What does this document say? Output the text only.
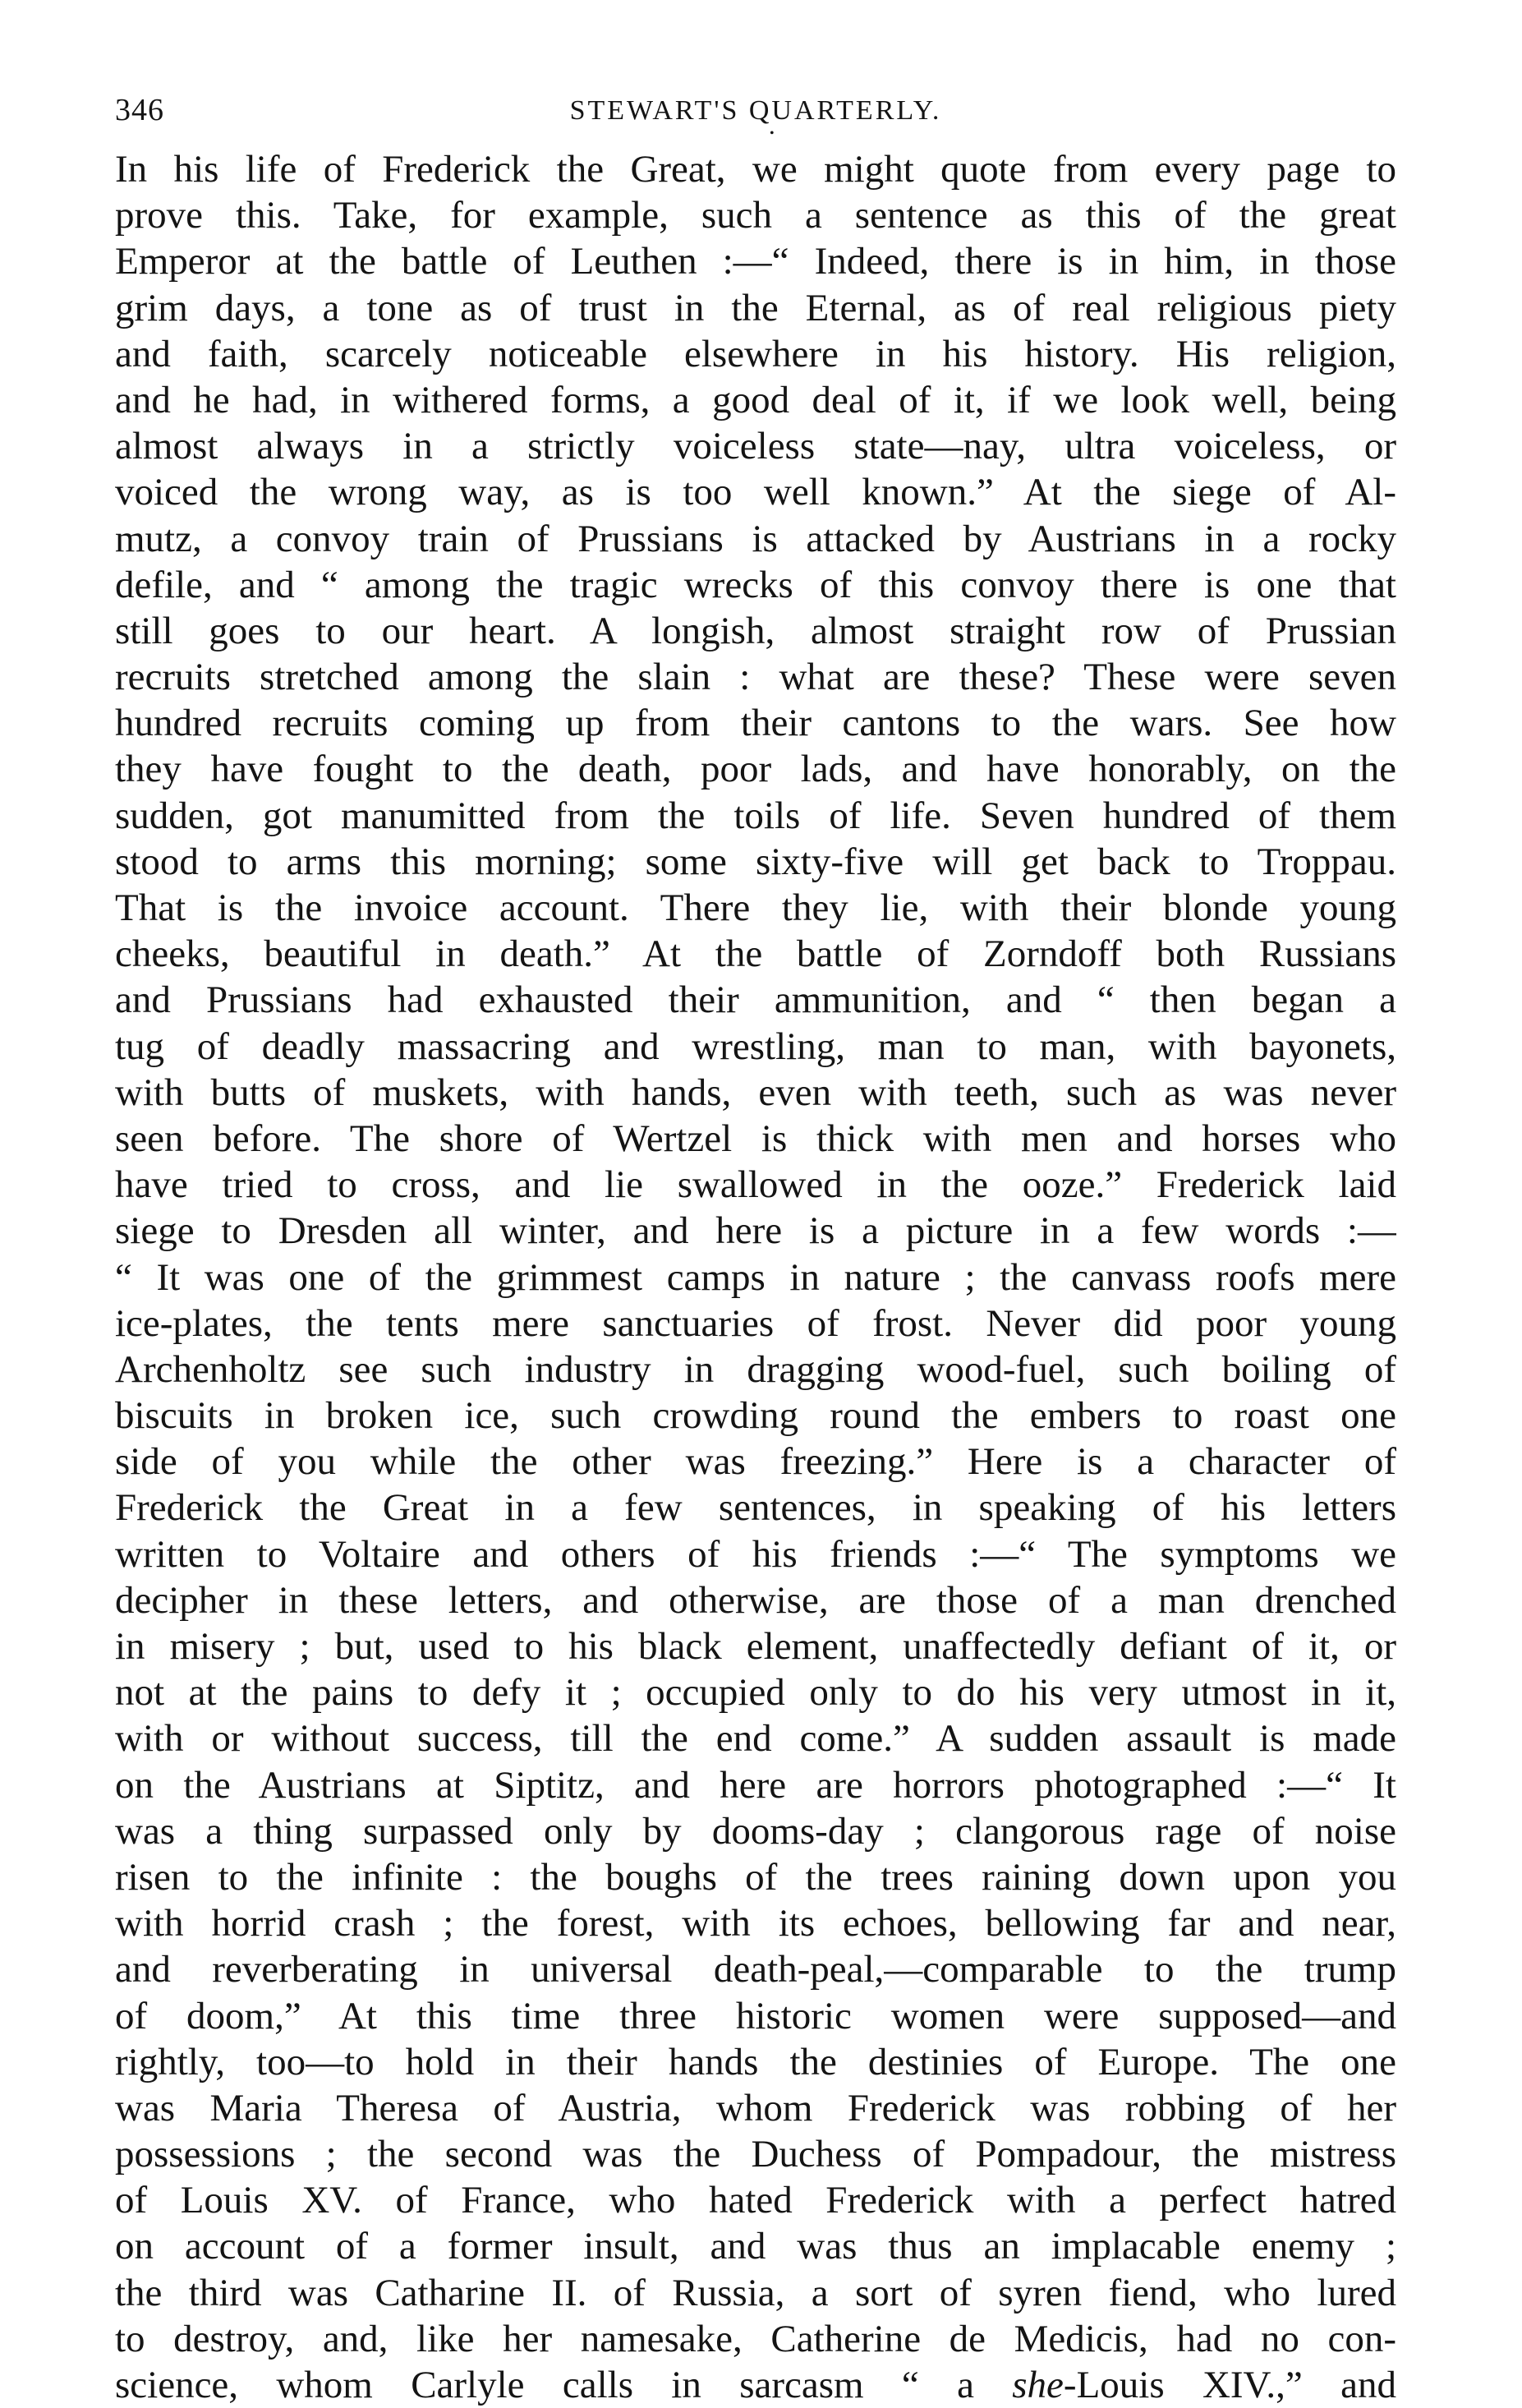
346	STEWART'S QUARTERLY.
•
In his life of Frederick the Great, we might quote from every page to
prove this. Take, for example, such a sentence as this of the great
Emperor at the battle of Leuthen :—“ Indeed, there is in him, in those
grim days, a tone as of trust in the Eternal, as of real religious piety
and faith, scarcely noticeable elsewhere in his history. His religion,
and he had, in withered forms, a good deal of it, if we look well, being
almost always in a strictly voiceless state—nay, ultra voiceless, or
voiced the wrong way, as is too well known.” At the siege of Al-
mutz, a convoy train of Prussians is attacked by Austrians in a rocky
defile, and “ among the tragic wrecks of this convoy there is one that
still goes to our heart. A longish, almost straight row of Prussian
recruits stretched among the slain : what are these? These were seven
hundred recruits coming up from their cantons to the wars. See how
they have fought to the death, poor lads, and have honorably, on the
sudden, got manumitted from the toils of life. Seven hundred of them
stood to arms this morning; some sixty-five will get back to Troppau.
That is the invoice account. There they lie, with their blonde young
cheeks, beautiful in death.” At the battle of Zorndoff both Russians
and Prussians had exhausted their ammunition, and “ then began a
tug of deadly massacring and wrestling, man to man, with bayonets,
with butts of muskets, with hands, even with teeth, such as was never
seen before. The shore of Wertzel is thick with men and horses who
have tried to cross, and lie swallowed in the ooze.” Frederick laid
siege to Dresden all winter, and here is a picture in a few words :—
“ It was one of the grimmest camps in nature ; the canvass roofs mere
ice-plates, the tents mere sanctuaries of frost. Never did poor young
Archenholtz see such industry in dragging wood-fuel, such boiling of
biscuits in broken ice, such crowding round the embers to roast one
side of you while the other was freezing.” Here is a character of
Frederick the Great in a few sentences, in speaking of his letters
written to Voltaire and others of his friends :—“ The symptoms we
decipher in these letters, and otherwise, are those of a man drenched
in misery ; but, used to his black element, unaffectedly defiant of it, or
not at the pains to defy it ; occupied only to do his very utmost in it,
with or without success, till the end come.” A sudden assault is made
on the Austrians at Siptitz, and here are horrors photographed :—“ It
was a thing surpassed only by dooms-day ; clangorous rage of noise
risen to the infinite : the boughs of the trees raining down upon you
with horrid crash ; the forest, with its echoes, bellowing far and near,
and reverberating in universal death-peal,—comparable to the trump
of doom,” At this time three historic women were supposed—and
rightly, too—to hold in their hands the destinies of Europe. The one
was Maria Theresa of Austria, whom Frederick was robbing of her
possessions ; the second was the Duchess of Pompadour, the mistress
of Louis XV. of France, who hated Frederick with a perfect hatred
on account of a former insult, and was thus an implacable enemy ;
the third was Catharine II. of Russia, a sort of syren fiend, who lured
to destroy, and, like her namesake, Catherine de Medicis, had no con-
science, whom Carlyle calls in sarcasm “ a she-Louis XIV.,” and
